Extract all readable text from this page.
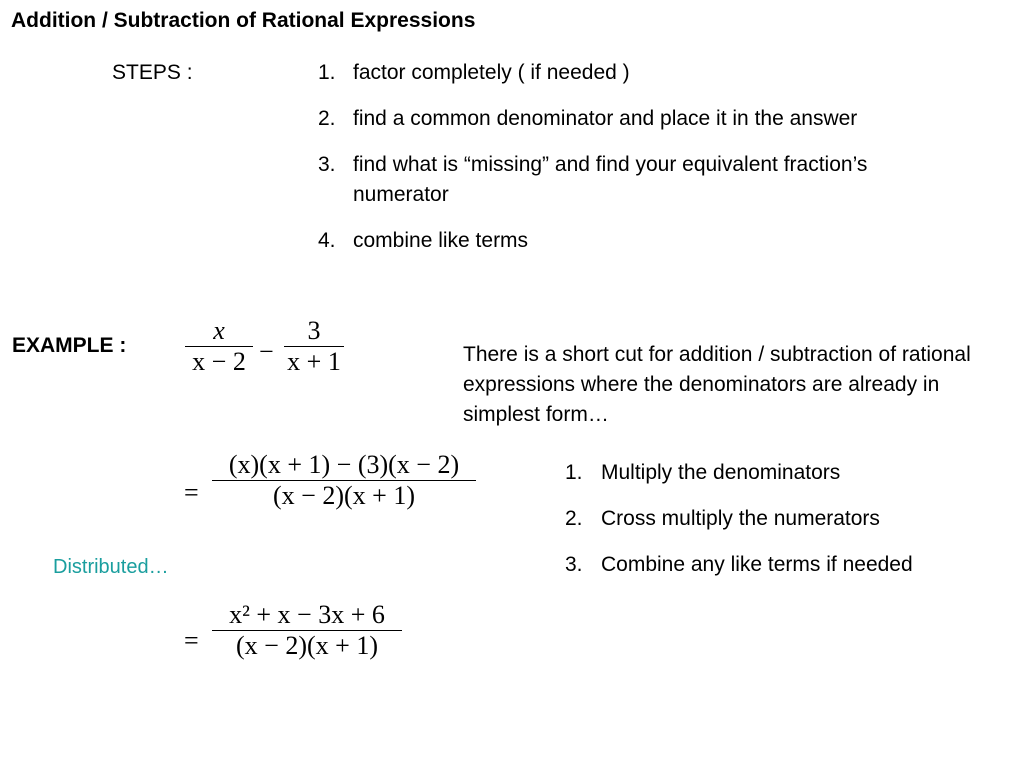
Addition / Subtraction of Rational Expressions
STEPS :	1. factor completely ( if needed )
2. find a common denominator and place it in the answer
3. find what is “missing” and find your equivalent fraction’s
numerator
4. combine like terms
EXAMPLE :
x
x − 2 −
3
x + 1
=
(x)(x + 1) − (3)(x − 2)
(x − 2)(x + 1)
Distributed…
=
x² + x − 3x + 6
(x − 2)(x + 1)
There is a short cut for addition / subtraction of rational expressions where the denominators are already in simplest form…
1. Multiply the denominators
2. Cross multiply the numerators
3. Combine any like terms if needed
